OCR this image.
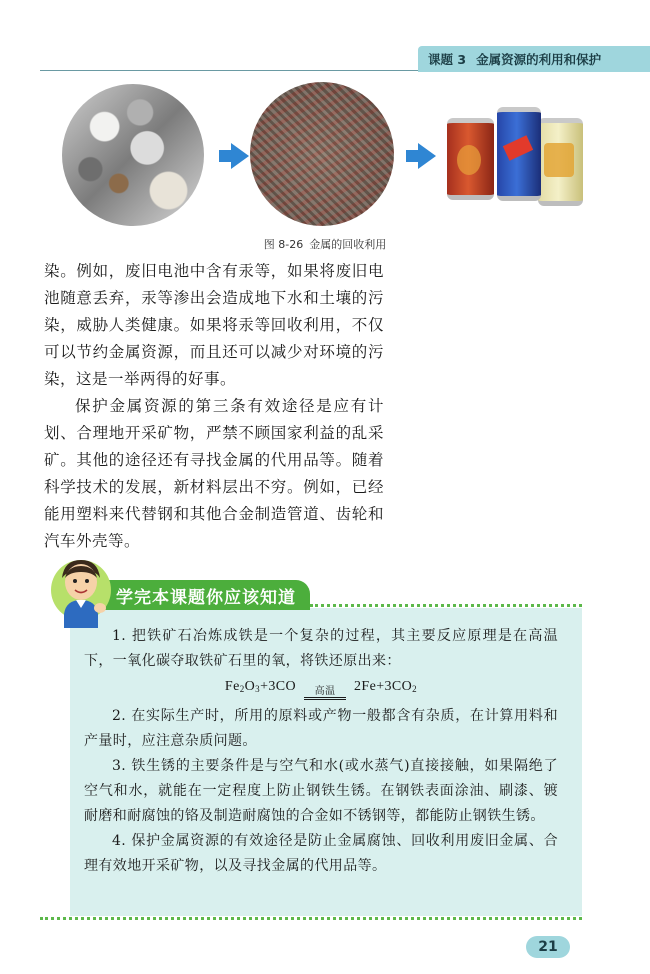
课题 3 金属资源的利用和保护
图 8-26 金属的回收利用

染。例如，废旧电池中含有汞等，如果将废旧电池随意丢弃，汞等渗出会造成地下水和土壤的污染，威胁人类健康。如果将汞等回收利用，不仅可以节约金属资源，而且还可以减少对环境的污染，这是一举两得的好事。

保护金属资源的第三条有效途径是应有计划、合理地开采矿物，严禁不顾国家利益的乱采矿。其他的途径还有寻找金属的代用品等。随着科学技术的发展，新材料层出不穷。例如，已经能用塑料来代替钢和其他合金制造管道、齿轮和汽车外壳等。

学完本课题你应该知道

1. 把铁矿石冶炼成铁是一个复杂的过程，其主要反应原理是在高温下，一氧化碳夺取铁矿石里的氧，将铁还原出来：

$Fe_2O_3+3CO$ 高温 $2Fe+3CO_2$

2. 在实际生产时，所用的原料或产物一般都含有杂质，在计算用料和产量时，应注意杂质问题。

3. 铁生锈的主要条件是与空气和水(或水蒸气)直接接触，如果隔绝了空气和水，就能在一定程度上防止钢铁生锈。在钢铁表面涂油、刷漆、镀耐磨和耐腐蚀的铬及制造耐腐蚀的合金如不锈钢等，都能防止钢铁生锈。

4. 保护金属资源的有效途径是防止金属腐蚀、回收利用废旧金属、合理有效地开采矿物，以及寻找金属的代用品等。

21
